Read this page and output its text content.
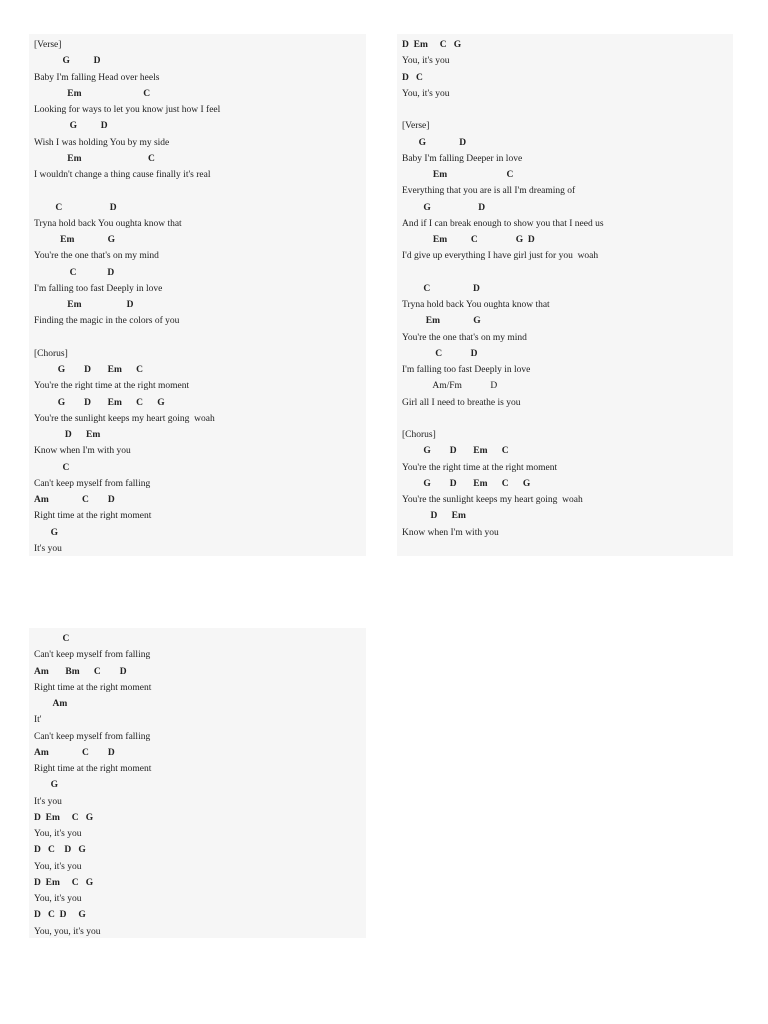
[Verse]
G          D
Baby I'm falling Head over heels
Em                          C
Looking for ways to let you know just how I feel
G          D
Wish I was holding You by my side
Em                            C
I wouldn't change a thing cause finally it's real
C                    D
Tryna hold back You oughta know that
Em              G
You're the one that's on my mind
C             D
I'm falling too fast Deeply in love
Em                   D
Finding the magic in the colors of you
[Chorus]
G        D       Em      C
You're the right time at the right moment
G        D       Em      C      G
You're the sunlight keeps my heart going  woah
D      Em
Know when I'm with you
C
Can't keep myself from falling
Am              C        D
Right time at the right moment
G
It's you
D  Em     C   G
You, it's you
D   C
You, it's you
[Verse]
G              D
Baby I'm falling Deeper in love
Em                         C
Everything that you are is all I'm dreaming of
G                    D
And if I can break enough to show you that I need us
Em          C                G  D
I'd give up everything I have girl just for you  woah
C                  D
Tryna hold back You oughta know that
Em              G
You're the one that's on my mind
C            D
I'm falling too fast Deeply in love
Am/Fm            D
Girl all I need to breathe is you
[Chorus]
G        D       Em      C
You're the right time at the right moment
G        D       Em      C      G
You're the sunlight keeps my heart going  woah
D      Em
Know when I'm with you
C
Can't keep myself from falling
Am       Bm      C        D
Right time at the right moment
Am
It'
Can't keep myself from falling
Am              C        D
Right time at the right moment
G
It's you
D  Em     C   G
You, it's you
D   C    D   G
You, it's you
D  Em     C   G
You, it's you
D   C  D     G
You, you, it's you
